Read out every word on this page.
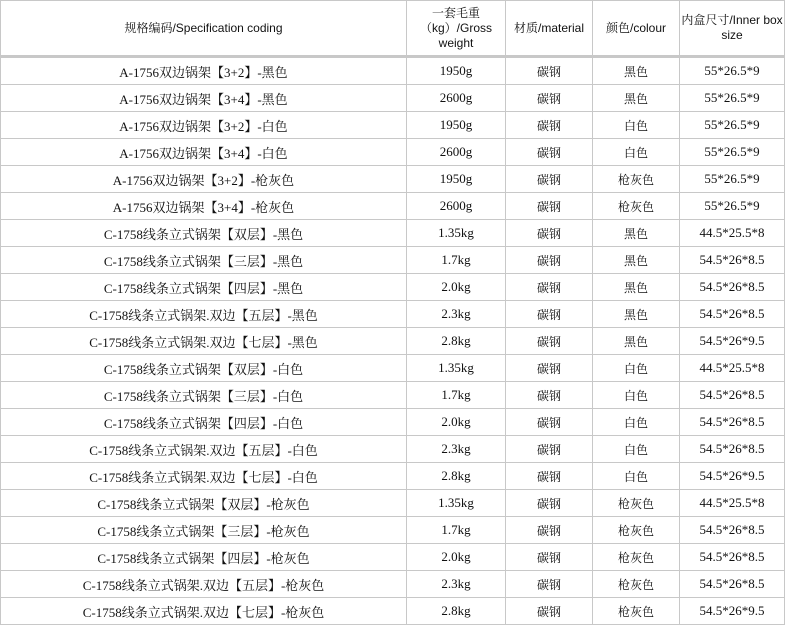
规格编码/Specification coding	一套毛重（kg）/Gross weight	材质/material	颜色/colour	内盒尺寸/Inner box size
A-1756双边锅架【3+2】-黑色	1950g	碳钢	黑色	55*26.5*9
A-1756双边锅架【3+4】-黑色	2600g	碳钢	黑色	55*26.5*9
A-1756双边锅架【3+2】-白色	1950g	碳钢	白色	55*26.5*9
A-1756双边锅架【3+4】-白色	2600g	碳钢	白色	55*26.5*9
A-1756双边锅架【3+2】-枪灰色	1950g	碳钢	枪灰色	55*26.5*9
A-1756双边锅架【3+4】-枪灰色	2600g	碳钢	枪灰色	55*26.5*9
C-1758线条立式锅架【双层】-黑色	1.35kg	碳钢	黑色	44.5*25.5*8
C-1758线条立式锅架【三层】-黑色	1.7kg	碳钢	黑色	54.5*26*8.5
C-1758线条立式锅架【四层】-黑色	2.0kg	碳钢	黑色	54.5*26*8.5
C-1758线条立式锅架.双边【五层】-黑色	2.3kg	碳钢	黑色	54.5*26*8.5
C-1758线条立式锅架.双边【七层】-黑色	2.8kg	碳钢	黑色	54.5*26*9.5
C-1758线条立式锅架【双层】-白色	1.35kg	碳钢	白色	44.5*25.5*8
C-1758线条立式锅架【三层】-白色	1.7kg	碳钢	白色	54.5*26*8.5
C-1758线条立式锅架【四层】-白色	2.0kg	碳钢	白色	54.5*26*8.5
C-1758线条立式锅架.双边【五层】-白色	2.3kg	碳钢	白色	54.5*26*8.5
C-1758线条立式锅架.双边【七层】-白色	2.8kg	碳钢	白色	54.5*26*9.5
C-1758线条立式锅架【双层】-枪灰色	1.35kg	碳钢	枪灰色	44.5*25.5*8
C-1758线条立式锅架【三层】-枪灰色	1.7kg	碳钢	枪灰色	54.5*26*8.5
C-1758线条立式锅架【四层】-枪灰色	2.0kg	碳钢	枪灰色	54.5*26*8.5
C-1758线条立式锅架.双边【五层】-枪灰色	2.3kg	碳钢	枪灰色	54.5*26*8.5
C-1758线条立式锅架.双边【七层】-枪灰色	2.8kg	碳钢	枪灰色	54.5*26*9.5
